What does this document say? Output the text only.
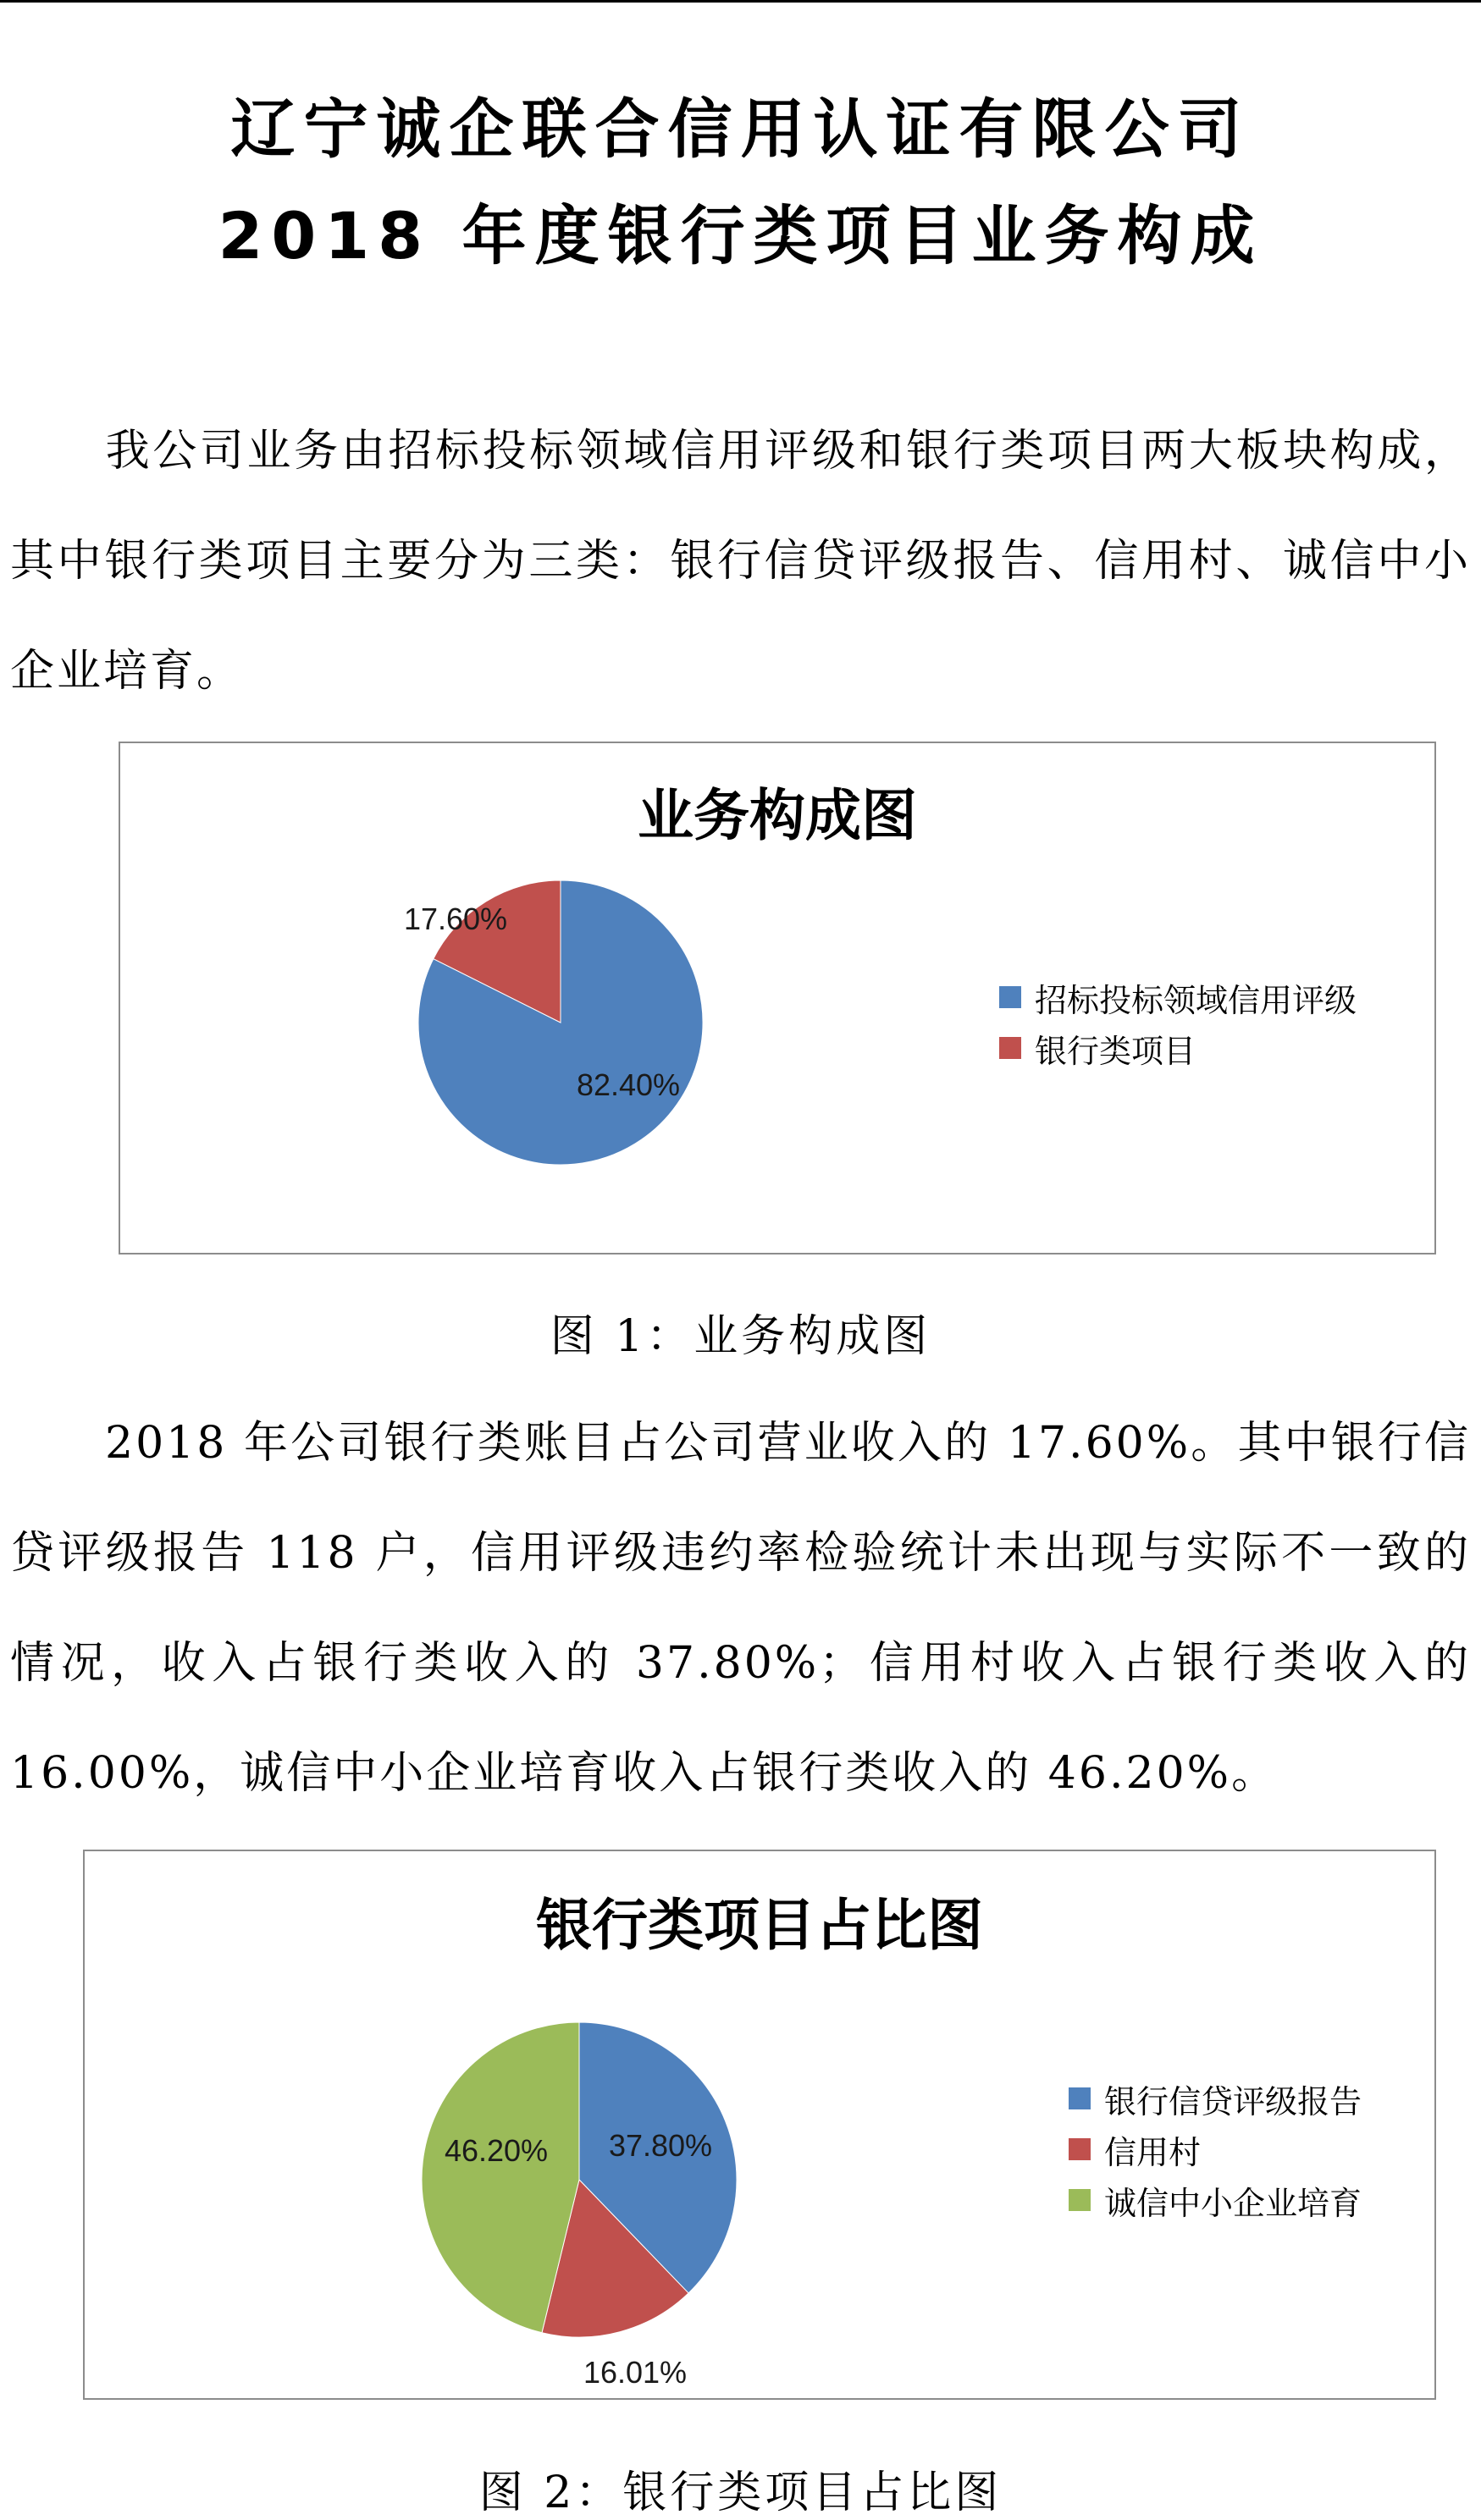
辽宁诚企联合信用认证有限公司
2018 年度银行类项目业务构成

我公司业务由招标投标领域信用评级和银行类项目两大板块构成，其中银行类项目主要分为三类：银行信贷评级报告、信用村、诚信中小企业培育。

业务构成图
82.40%
17.60%
招标投标领域信用评级
银行类项目
图 1：业务构成图

2018 年公司银行类账目占公司营业收入的 17.60%。其中银行信贷评级报告 118 户，信用评级违约率检验统计未出现与实际不一致的情况，收入占银行类收入的 37.80%；信用村收入占银行类收入的 16.00%，诚信中小企业培育收入占银行类收入的 46.20%。

银行类项目占比图
37.80%
16.01%
46.20%
银行信贷评级报告
信用村
诚信中小企业培育
图 2：银行类项目占比图
